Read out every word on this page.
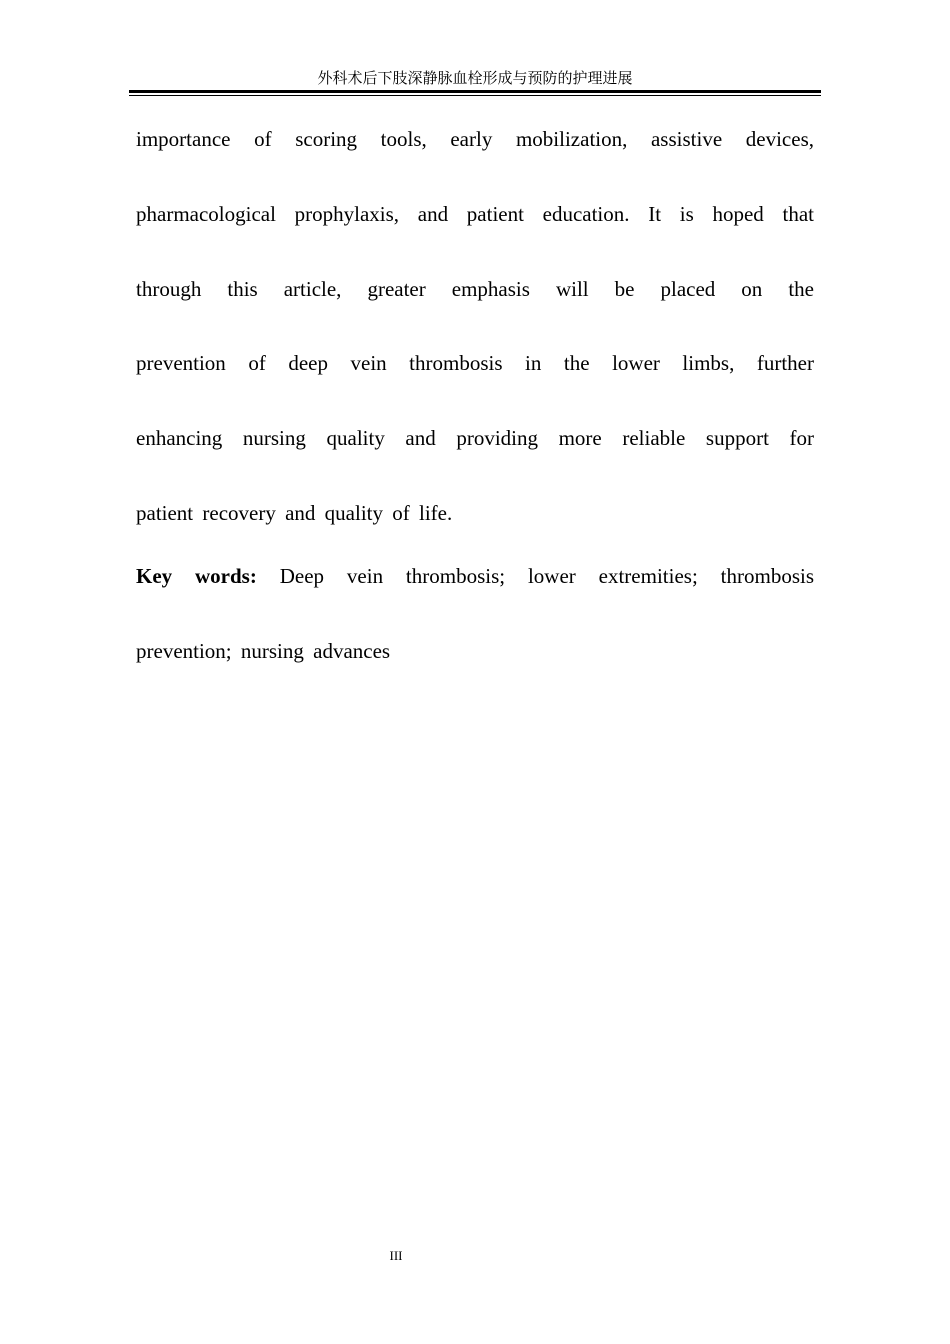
外科术后下肢深静脉血栓形成与预防的护理进展
importance of scoring tools, early mobilization, assistive devices,
pharmacological prophylaxis, and patient education. It is hoped that
through this article, greater emphasis will be placed on the
prevention of deep vein thrombosis in the lower limbs, further
enhancing nursing quality and providing more reliable support for
patient recovery and quality of life.
Key words: Deep vein thrombosis; lower extremities; thrombosis
prevention; nursing advances
III
